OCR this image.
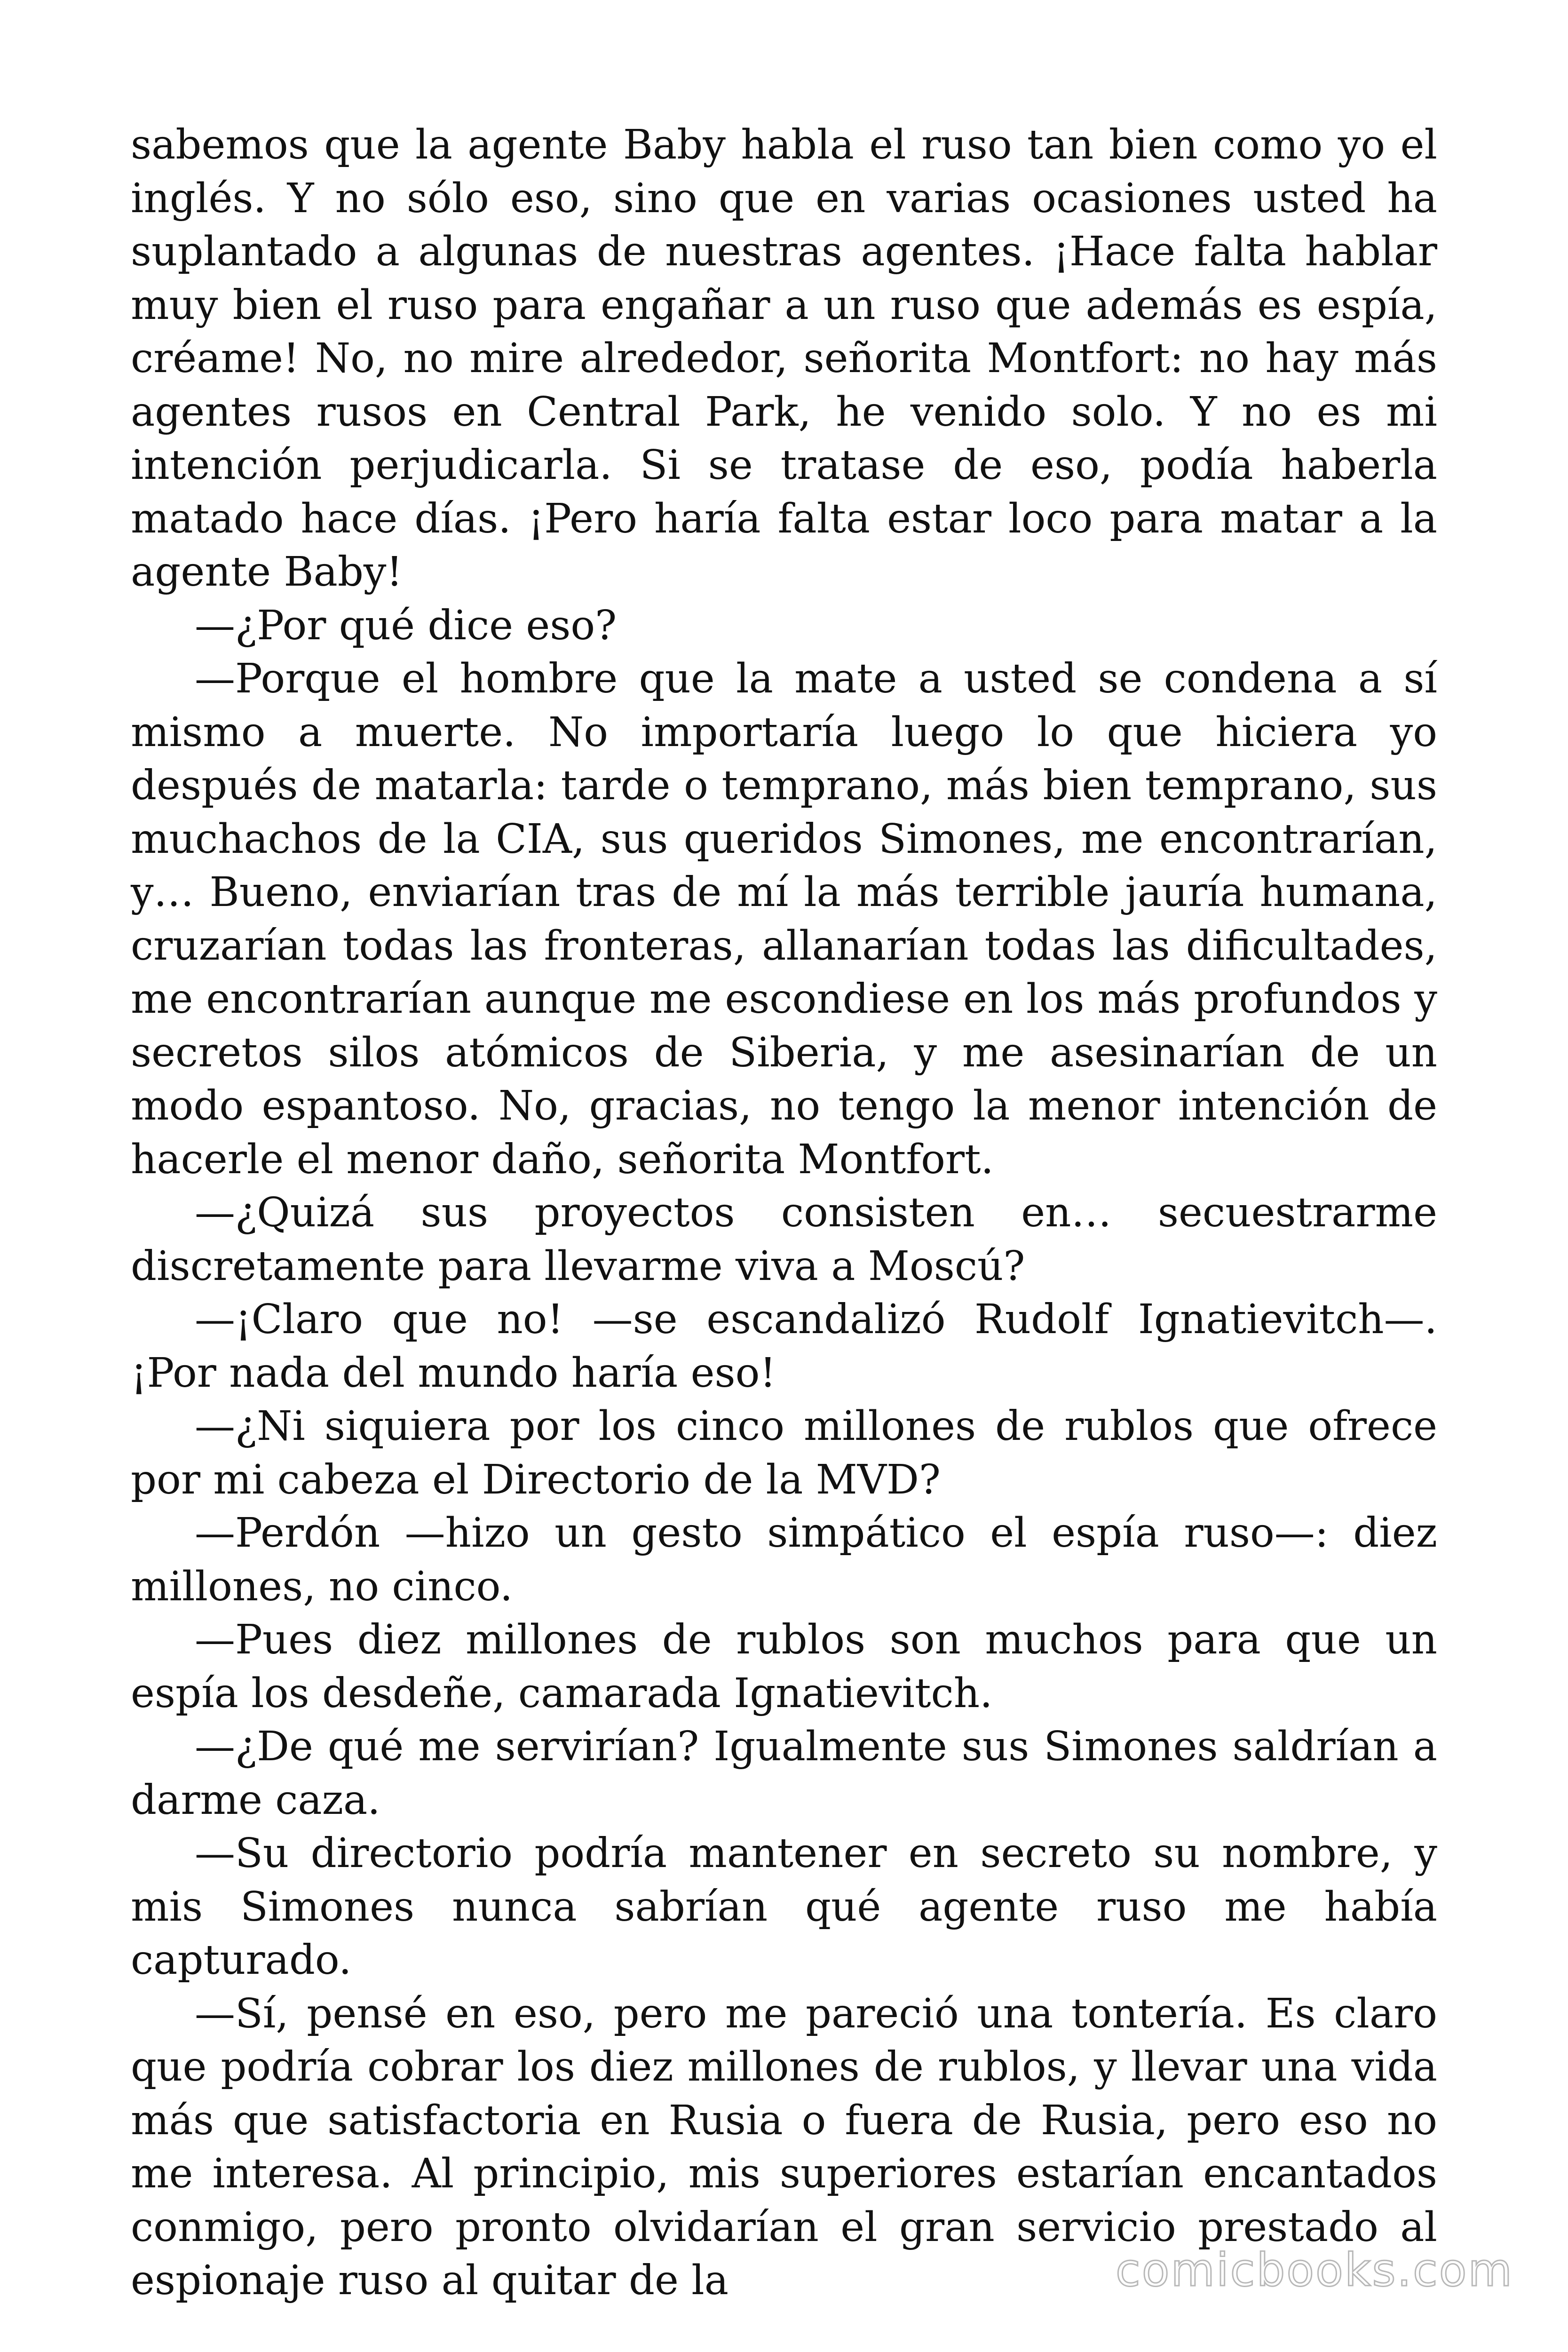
sabemos que la agente Baby habla el ruso tan bien como yo el inglés. Y no sólo eso, sino que en varias ocasiones usted ha suplantado a algunas de nuestras agentes. ¡Hace falta hablar muy bien el ruso para engañar a un ruso que además es espía, créame! No, no mire alrededor, señorita Montfort: no hay más agentes rusos en Central Park, he venido solo. Y no es mi intención perjudicarla. Si se tratase de eso, podía haberla matado hace días. ¡Pero haría falta estar loco para matar a la agente Baby!

—¿Por qué dice eso?

—Porque el hombre que la mate a usted se condena a sí mismo a muerte. No importaría luego lo que hiciera yo después de matarla: tarde o temprano, más bien temprano, sus muchachos de la CIA, sus queridos Simones, me encontrarían, y… Bueno, enviarían tras de mí la más terrible jauría humana, cruzarían todas las fronteras, allanarían todas las dificultades, me encontrarían aunque me escondiese en los más profundos y secretos silos atómicos de Siberia, y me asesinarían de un modo espantoso. No, gracias, no tengo la menor intención de hacerle el menor daño, señorita Montfort.

—¿Quizá sus proyectos consisten en… secuestrarme discretamente para llevarme viva a Moscú?

—¡Claro que no! —se escandalizó Rudolf Ignatievitch—. ¡Por nada del mundo haría eso!

—¿Ni siquiera por los cinco millones de rublos que ofrece por mi cabeza el Directorio de la MVD?

—Perdón —hizo un gesto simpático el espía ruso—: diez millones, no cinco.

—Pues diez millones de rublos son muchos para que un espía los desdeñe, camarada Ignatievitch.

—¿De qué me servirían? Igualmente sus Simones saldrían a darme caza.

—Su directorio podría mantener en secreto su nombre, y mis Simones nunca sabrían qué agente ruso me había capturado.

—Sí, pensé en eso, pero me pareció una tontería. Es claro que podría cobrar los diez millones de rublos, y llevar una vida más que satisfactoria en Rusia o fuera de Rusia, pero eso no me interesa. Al principio, mis superiores estarían encantados conmigo, pero pronto olvidarían el gran servicio prestado al espionaje ruso al quitar de la	comicbooks.com
